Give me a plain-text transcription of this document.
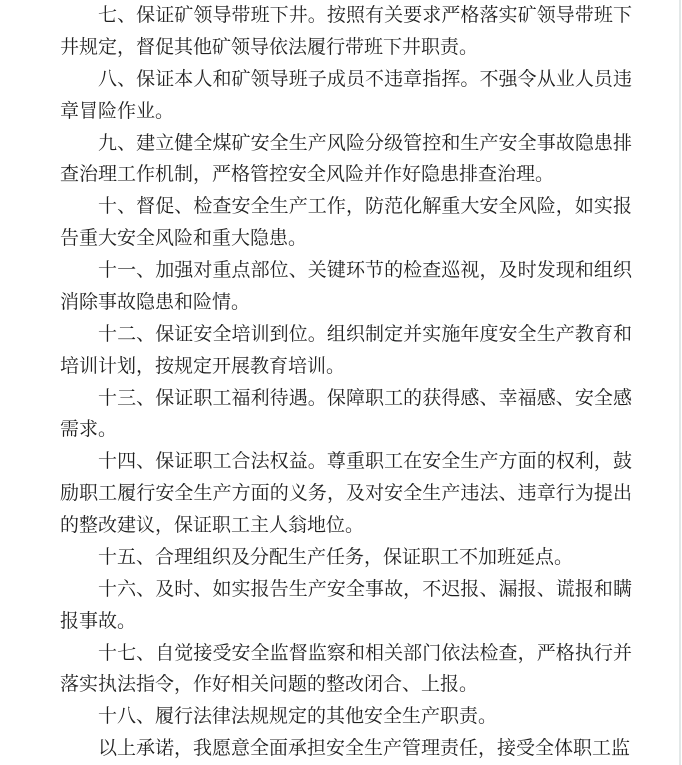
七、保证矿领导带班下井。按照有关要求严格落实矿领导带班下井规定，督促其他矿领导依法履行带班下井职责。

八、保证本人和矿领导班子成员不违章指挥。不强令从业人员违章冒险作业。

九、建立健全煤矿安全生产风险分级管控和生产安全事故隐患排查治理工作机制，严格管控安全风险并作好隐患排查治理。

十、督促、检查安全生产工作，防范化解重大安全风险，如实报告重大安全风险和重大隐患。

十一、加强对重点部位、关键环节的检查巡视，及时发现和组织消除事故隐患和险情。

十二、保证安全培训到位。组织制定并实施年度安全生产教育和培训计划，按规定开展教育培训。

十三、保证职工福利待遇。保障职工的获得感、幸福感、安全感需求。

十四、保证职工合法权益。尊重职工在安全生产方面的权利，鼓励职工履行安全生产方面的义务，及对安全生产违法、违章行为提出的整改建议，保证职工主人翁地位。

十五、合理组织及分配生产任务，保证职工不加班延点。

十六、及时、如实报告生产安全事故，不迟报、漏报、谎报和瞒报事故。

十七、自觉接受安全监督监察和相关部门依法检查，严格执行并落实执法指令，作好相关问题的整改闭合、上报。

十八、履行法律法规规定的其他安全生产职责。

以上承诺，我愿意全面承担安全生产管理责任，接受全体职工监
